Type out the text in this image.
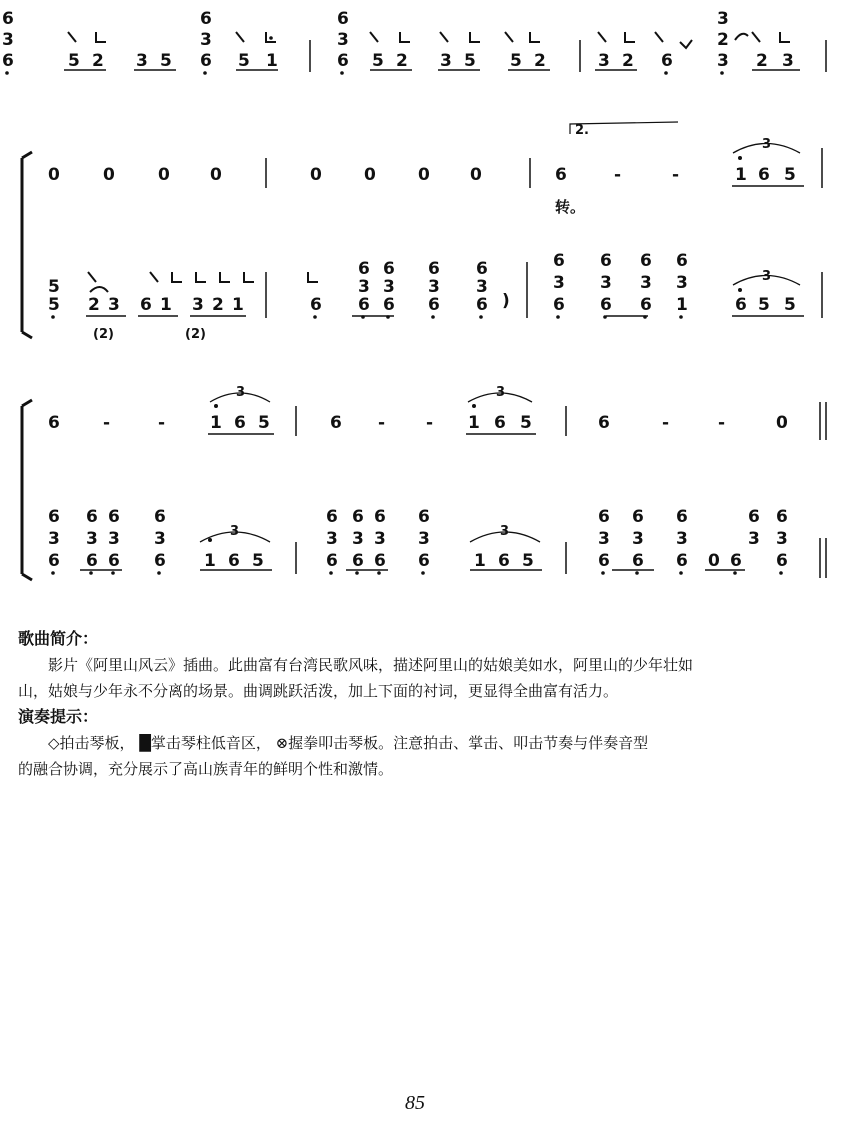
6
3
6
3
6
3
3
2
6	5 2 3 5 6 5 1	6 5 2 3 5 5 2	3 2 6	3 2 3
2.
0	0	0 0	0 0 0 0	6	-	-	1 6 5
3
转。
5
6 6 6 6	6 6 6 6
3 3 3 3	3 3 3 3
5 2 3 6 1 3 2 1	6 6 6 6 6	6 6 6 1	6 5 5
(2)	(2)
)
3
6	-	-	1 6 5	6 - - 1 6 5	6	-	-	0
3	3
6
3
6
3
6
3
6
3
6
3
6
3
6
3
6
3
6
3
6
3
6
3
6
3
6
3
6 6 6 6	6 6 6 6	6 6 6	6
1 6 5	1 6 5	0 6
3	3
歌曲简介：
影片《阿里山风云》插曲。此曲富有台湾民歌风味，描述阿里山的姑娘美如水，阿里山的少年壮如
山，姑娘与少年永不分离的场景。曲调跳跃活泼，加上下面的衬词，更显得全曲富有活力。
演奏提示：
◇拍击琴板， █掌击琴柱低音区， ⊗握拳叩击琴板。注意拍击、掌击、叩击节奏与伴奏音型
的融合协调，充分展示了高山族青年的鲜明个性和激情。
85
